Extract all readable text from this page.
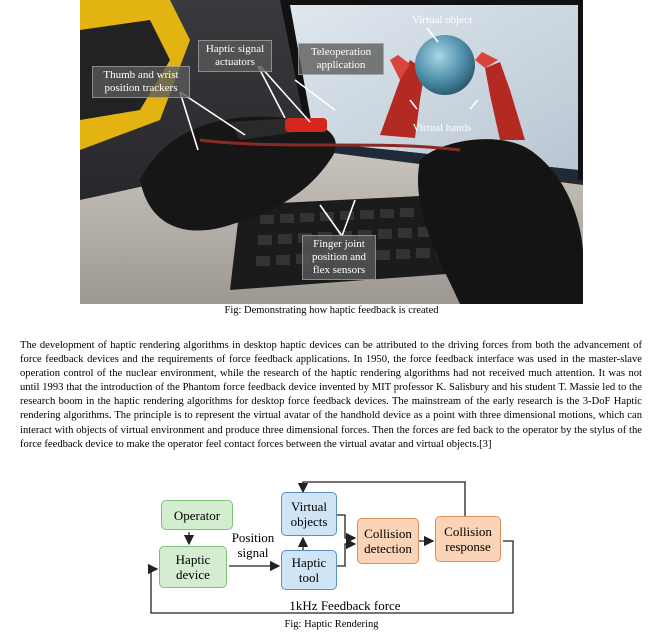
Virtual object
Haptic signal actuators
Teleoperation application
Thumb and wrist position trackers
Virtual hands
Finger joint position and flex sensors
Fig: Demonstrating how haptic feedback is created

The development of haptic rendering algorithms in desktop haptic devices can be attributed to the driving forces from both the advancement of force feedback devices and the requirements of force feedback applications. In 1950, the force feedback interface was used in the master-slave operation control of the nuclear environment, while the research of the haptic rendering algorithms had not received much attention. It was not until 1993 that the introduction of the Phantom force feedback device invented by MIT professor K. Salisbury and his student T. Massie led to the research boom in the haptic rendering algorithms for desktop force feedback devices. The mainstream of the early research is the 3-DoF Haptic rendering algorithms. The principle is to represent the virtual avatar of the handhold device as a point with three dimensional motions, which can interact with objects of virtual environment and produce three dimensional forces. Then the forces are fed back to the operator by the stylus of the force feedback device to make the operator feel contact forces between the virtual avatar and virtual objects.[3]

Operator
Haptic device
Virtual objects
Haptic tool
Collision detection
Collision response
Position signal
1kHz Feedback force
Fig: Haptic Rendering
